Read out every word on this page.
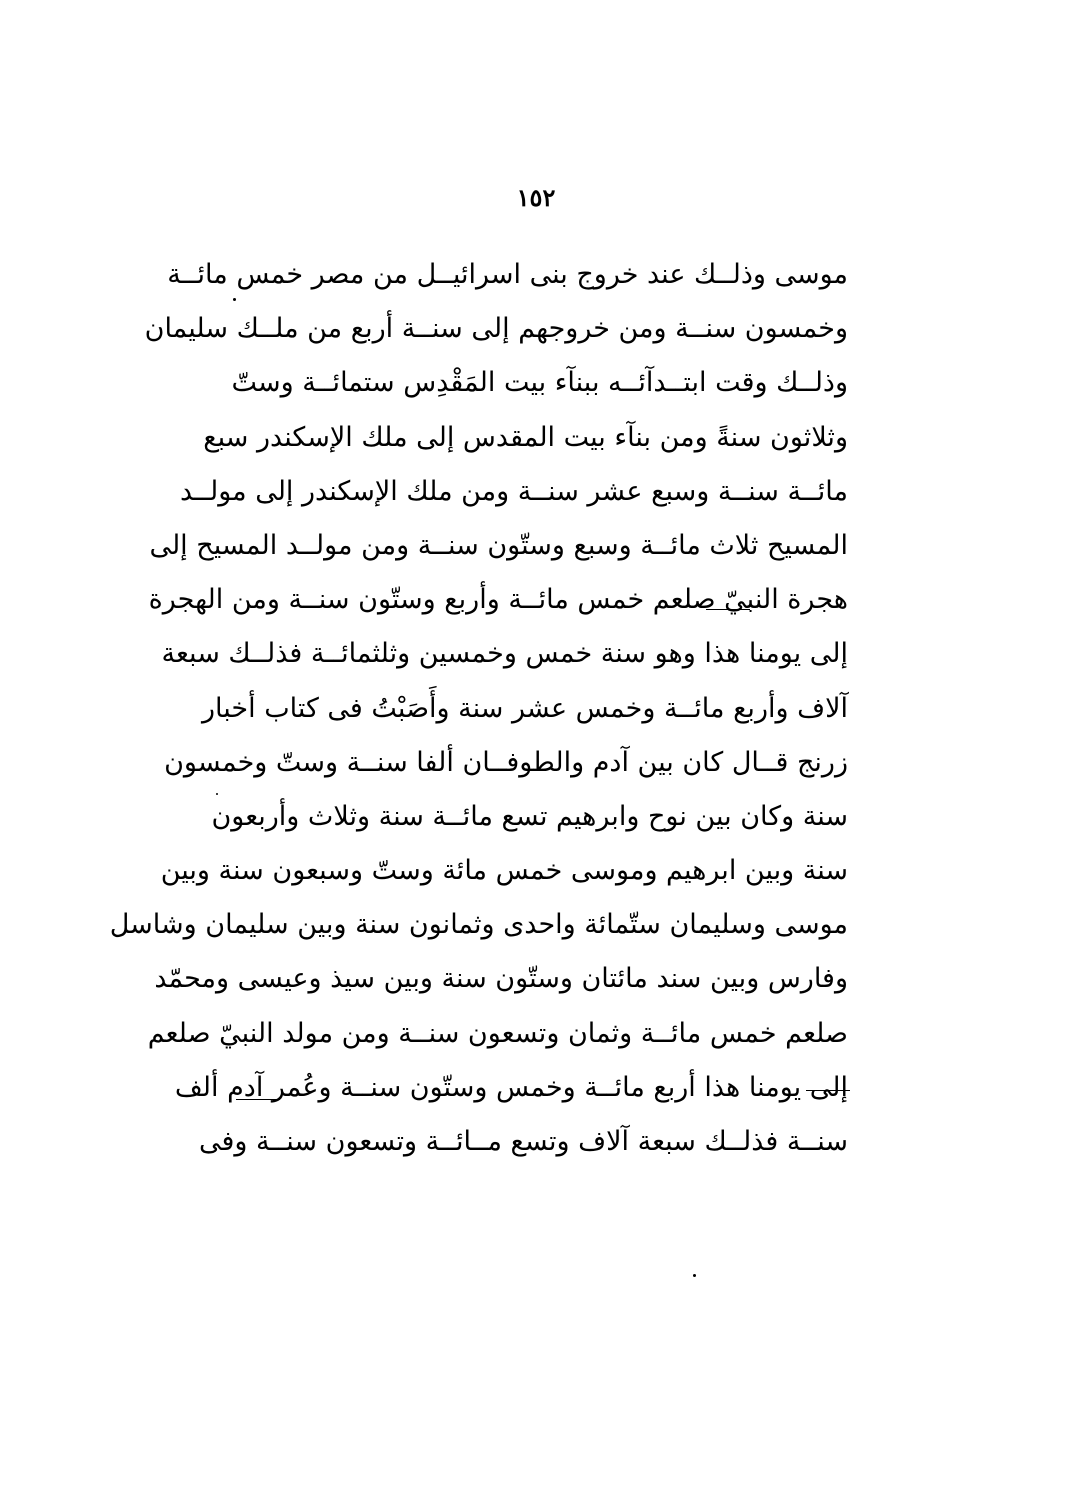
١٥٢
موسى وذلــك عند خروج بنى اسرائيــل من مصر خمس مائــة
وخمسون سنــة ومن خروجهم إلى سنــة أربع من ملــك سليمان
وذلــك وقت ابتــدآئــه ببنآء بيت المَقْدِس ستمائــة وستّ
وثلاثون سنةً ومن بنآء بيت المقدس إلى ملك الإسكندر سبع
مائــة سنــة وسبع عشر سنــة ومن ملك الإسكندر إلى مولــد
المسيح ثلاث مائــة وسبع وستّون سنــة ومن مولــد المسيح إلى
هجرة النبيّ صلعم خمس مائــة وأربع وستّون سنــة ومن الهجرة
إلى يومنا هذا وهو سنة خمس وخمسين وثلثمائــة فذلــك سبعة
آلاف وأربع مائــة وخمس عشر سنة وأَصَبْتُ فى كتاب أخبار
زرنج قــال كان بين آدم والطوفــان ألفا سنــة وستّ وخمسون
سنة وكان بين نوح وابرهيم تسع مائــة سنة وثلاث وأربعون
سنة وبين ابرهيم وموسى خمس مائة وستّ وسبعون سنة وبين
موسى وسليمان ستّمائة واحدى وثمانون سنة وبين سليمان وشاسل
وفارس وبين سند مائتان وستّون سنة وبين سيذ وعيسى ومحمّد
صلعم خمس مائــة وثمان وتسعون سنــة ومن مولد النبيّ صلعم
إلى يومنا هذا أربع مائــة وخمس وستّون سنــة وعُمر آدم ألف
سنــة فذلــك سبعة آلاف وتسع مــائــة وتسعون سنــة وفى
